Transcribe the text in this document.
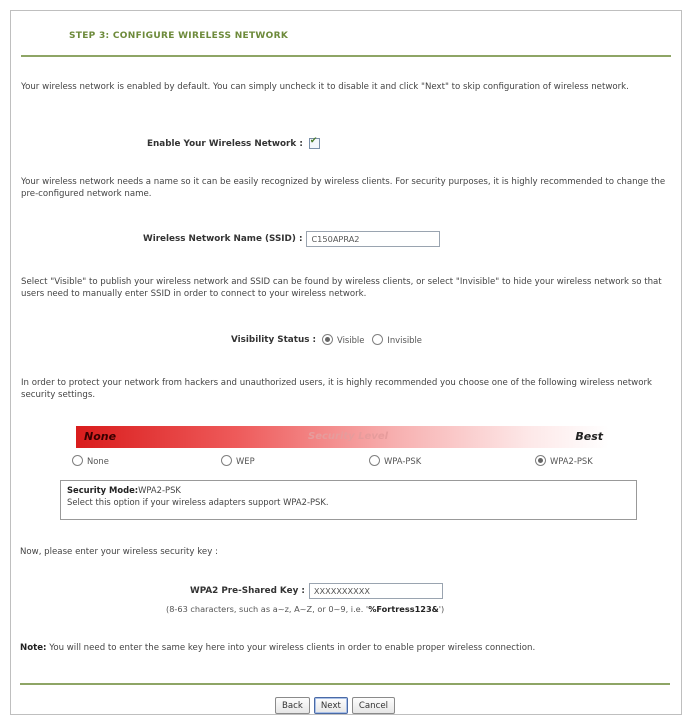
STEP 3: CONFIGURE WIRELESS NETWORK
Your wireless network is enabled by default. You can simply uncheck it to disable it and click "Next" to skip configuration of wireless network.
Enable Your Wireless Network :
✔
Your wireless network needs a name so it can be easily recognized by wireless clients. For security purposes, it is highly recommended to change the pre-configured network name.
Wireless Network Name (SSID) :
C150APRA2
Select "Visible" to publish your wireless network and SSID can be found by wireless clients, or select "Invisible" to hide your wireless network so that users need to manually enter SSID in order to connect to your wireless network.
Visibility Status :	Visible	Invisible
In order to protect your network from hackers and unauthorized users, it is highly recommended you choose one of the following wireless network security settings.
None	Security Level	Best
None	WEP	WPA-PSK	WPA2-PSK
Security Mode:WPA2-PSK
Select this option if your wireless adapters support WPA2-PSK.
Now, please enter your wireless security key :
WPA2 Pre-Shared Key :
XXXXXXXXXX
(8-63 characters, such as a~z, A~Z, or 0~9, i.e. ' %Fortress123& ')
Note: You will need to enter the same key here into your wireless clients in order to enable proper wireless connection.
Back	Next	Cancel
